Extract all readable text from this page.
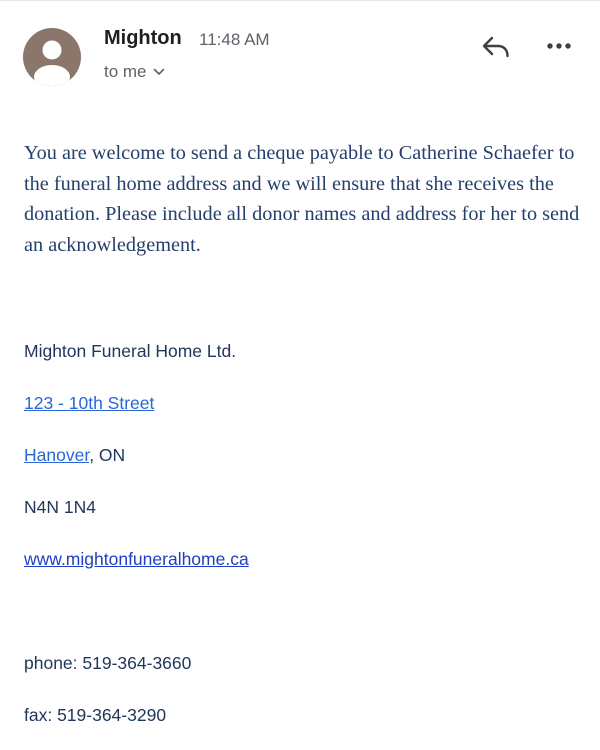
Mighton 11:48 AM
to me

You are welcome to send a cheque payable to Catherine Schaefer to the funeral home address and we will ensure that she receives the donation. Please include all donor names and address for her to send an acknowledgement.

Mighton Funeral Home Ltd.

123 - 10th Street

Hanover, ON

N4N 1N4

www.mightonfuneralhome.ca

phone: 519-364-3660

fax: 519-364-3290
